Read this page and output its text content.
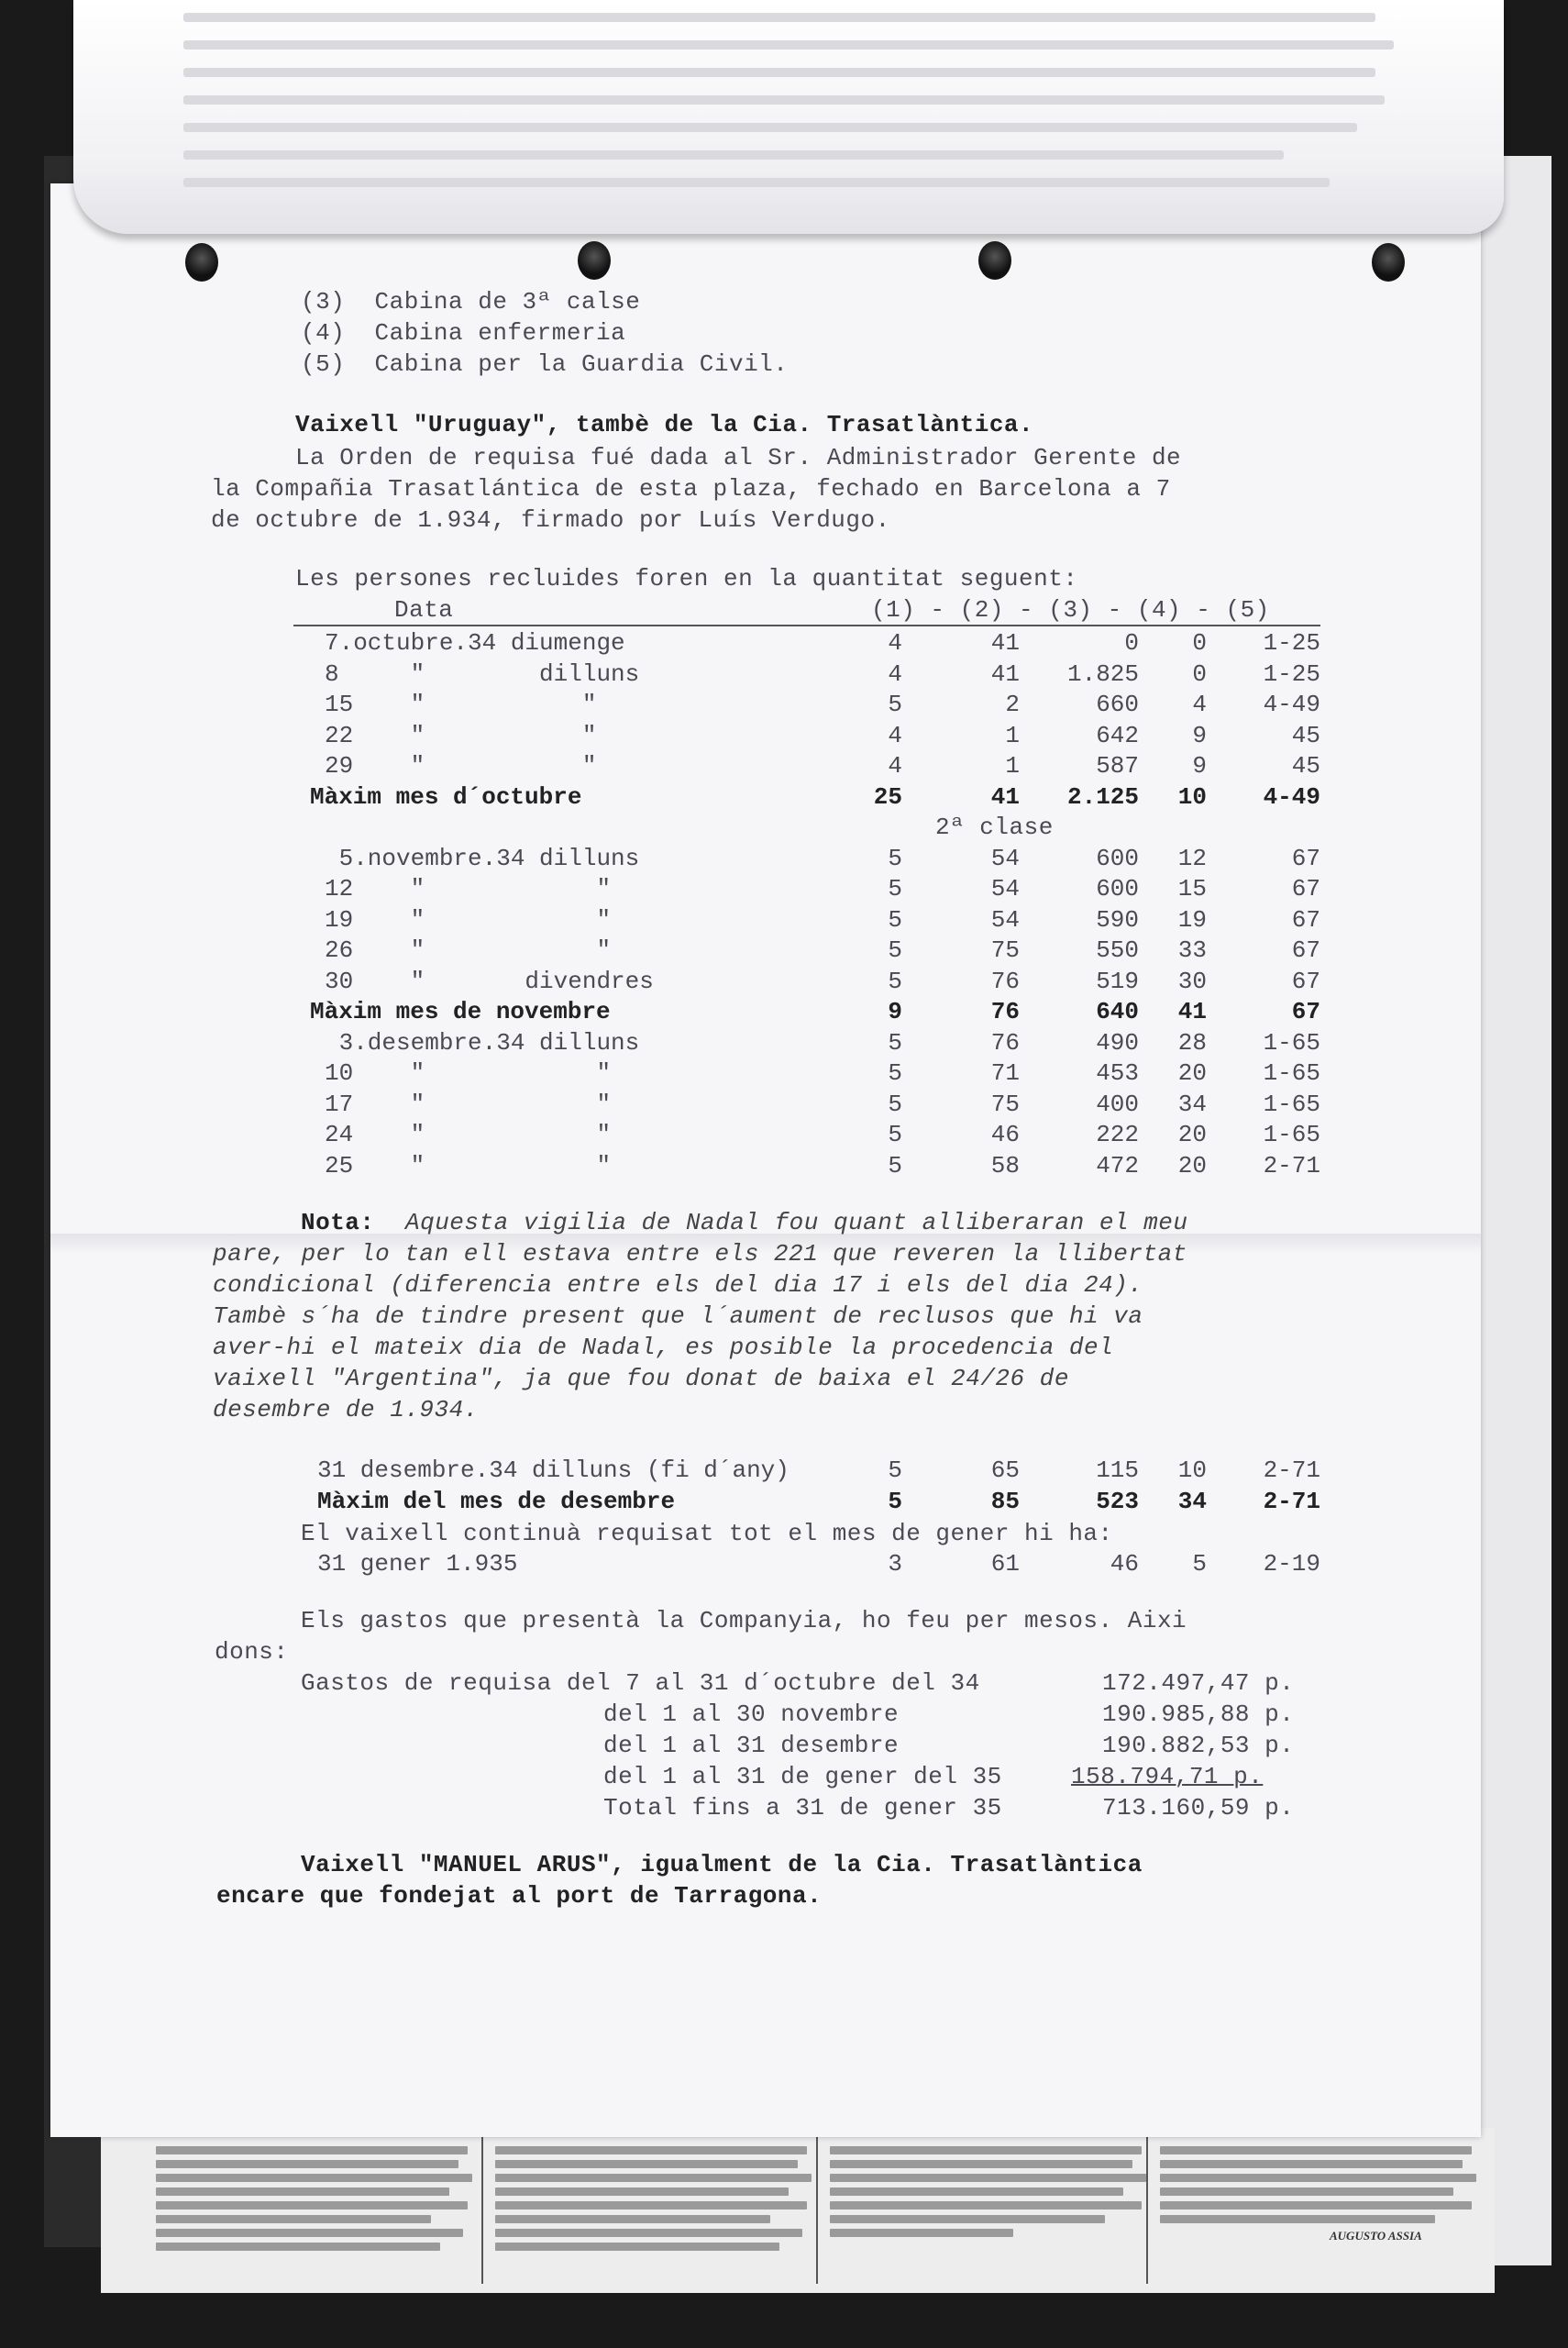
AUGUSTO ASSIA
(3)  Cabina de 3ª calse
(4)  Cabina enfermeria
(5)  Cabina per la Guardia Civil.
Vaixell "Uruguay", tambè de la Cia. Trasatlàntica.
La Orden de requisa fué dada al Sr. Administrador Gerente de
la Compañia Trasatlántica de esta plaza, fechado en Barcelona a 7
de octubre de 1.934, firmado por Luís Verdugo.
Les persones recluides foren en la quantitat seguent:
Data	(1) - (2) - (3) - (4) - (5)
7.octubre.34 diumenge	4	41	0	0	1-25
8     "        dilluns	4	41	1.825	0	1-25
15    "           "	5	2	660	4	4-49
22    "           "	4	1	642	9	45
29    "           "	4	1	587	9	45
Màxim mes d´octubre	25	41	2.125	10	4-49
2ª clase
5.novembre.34 dilluns	5	54	600	12	67
12    "            "	5	54	600	15	67
19    "            "	5	54	590	19	67
26    "            "	5	75	550	33	67
30    "       divendres	5	76	519	30	67
Màxim mes de novembre	9	76	640	41	67
3.desembre.34 dilluns	5	76	490	28	1-65
10    "            "	5	71	453	20	1-65
17    "            "	5	75	400	34	1-65
24    "            "	5	46	222	20	1-65
25    "            "	5	58	472	20	2-71
Nota: Aquesta vigilia de Nadal fou quant alliberaran el meu
pare, per lo tan ell estava entre els 221 que reveren la llibertat
condicional (diferencia entre els del dia 17 i els del dia 24).
Tambè s´ha de tindre present que l´aument de reclusos que hi va
aver-hi el mateix dia de Nadal, es posible la procedencia del
vaixell "Argentina", ja que fou donat de baixa el 24/26 de
desembre de 1.934.
31 desembre.34 dilluns (fi d´any)	5	65	115	10	2-71
Màxim del mes de desembre	5	85	523	34	2-71
31 gener 1.935	3	61	46	5	2-19
El vaixell continuà requisat tot el mes de gener hi ha:
Els gastos que presentà la Companyia, ho feu per mesos. Aixi
dons:
Gastos de requisa del 7 al 31 d´octubre del 34	172.497,47 p.
del 1 al 30 novembre	190.985,88 p.
del 1 al 31 desembre	190.882,53 p.
del 1 al 31 de gener del 35	158.794,71 p.
Total fins a 31 de gener 35	713.160,59 p.
Vaixell "MANUEL ARUS", igualment de la Cia. Trasatlàntica
encare que fondejat al port de Tarragona.
